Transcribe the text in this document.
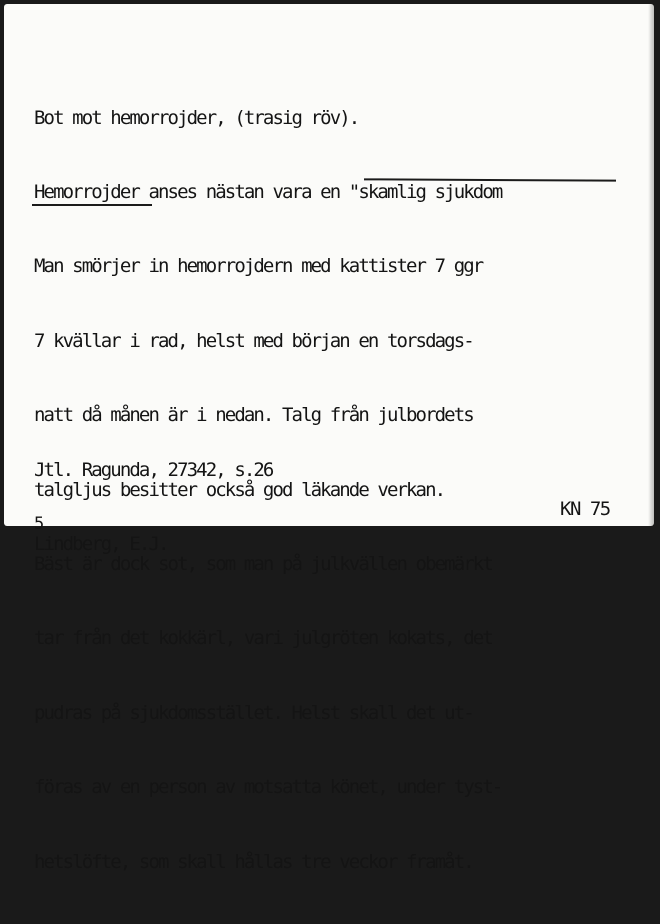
Bot mot hemorrojder, (trasig röv).

Hemorrojder anses nästan vara en "skamlig sjukdom

Man smörjer in hemorrojdern med kattister 7 ggr

7 kvällar i rad, helst med början en torsdags-

natt då månen är i nedan. Talg från julbordets

talgljus besitter också god läkande verkan.

Bäst är dock sot, som man på julkvällen obemärkt

tar från det kokkärl, vari julgröten kokats, det

pudras på sjukdomsstället. Helst skall det ut-

föras av en person av motsatta könet, under tyst-

hetslöfte, som skall hållas tre veckor framåt.

Jtl. Ragunda, 27342, s.26

Lindberg, E.J.

KN 75
5
